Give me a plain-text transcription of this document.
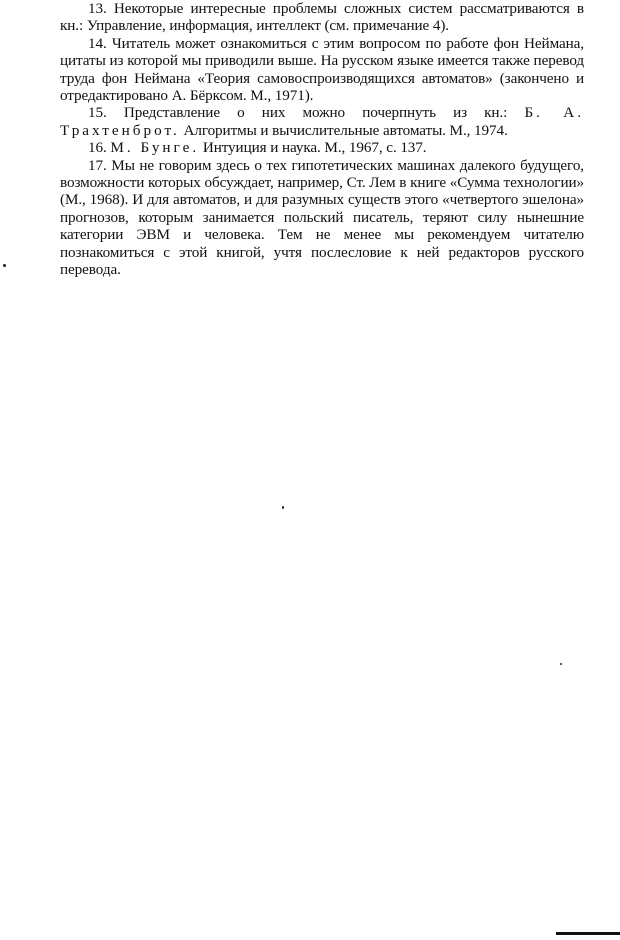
13. Некоторые интересные проблемы сложных систем рассматриваются в кн.: Управление, информация, интеллект (см. примечание 4).

14. Читатель может ознакомиться с этим вопросом по работе фон Неймана, цитаты из которой мы приводили выше. На русском языке имеется также перевод труда фон Неймана «Теория самовоспроизводящихся автоматов» (закончено и отредактировано А. Бёрксом. М., 1971).

15. Представление о них можно почерпнуть из кн.: Б. А. Трахтенброт. Алгоритмы и вычислительные автоматы. М., 1974.

16. М. Бунге. Интуиция и наука. М., 1967, с. 137.

17. Мы не говорим здесь о тех гипотетических машинах далекого будущего, возможности которых обсуждает, например, Ст. Лем в книге «Сумма технологии» (М., 1968). И для автоматов, и для разумных существ этого «четвертого эшелона» прогнозов, которым занимается польский писатель, теряют силу нынешние категории ЭВМ и человека. Тем не менее мы рекомендуем читателю познакомиться с этой книгой, учтя послесловие к ней редакторов русского перевода.
